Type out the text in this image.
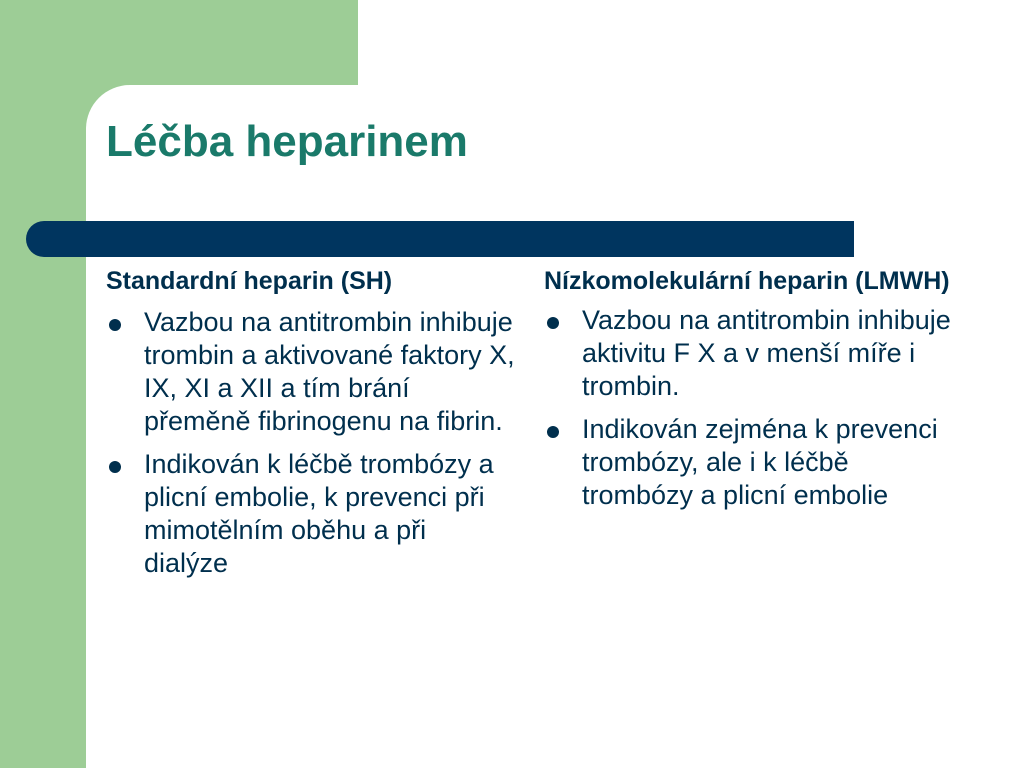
Léčba heparinem
Standardní heparin (SH)
Vazbou na antitrombin inhibuje trombin a aktivované faktory X, IX, XI a XII a tím brání přeměně fibrinogenu na fibrin.
Indikován k léčbě trombózy a plicní embolie, k prevenci při mimotělním oběhu a při dialýze
Nízkomolekulární heparin (LMWH)
Vazbou na antitrombin inhibuje aktivitu F X a v menší míře i trombin.
Indikován zejména k prevenci trombózy, ale i k léčbě trombózy a plicní embolie
